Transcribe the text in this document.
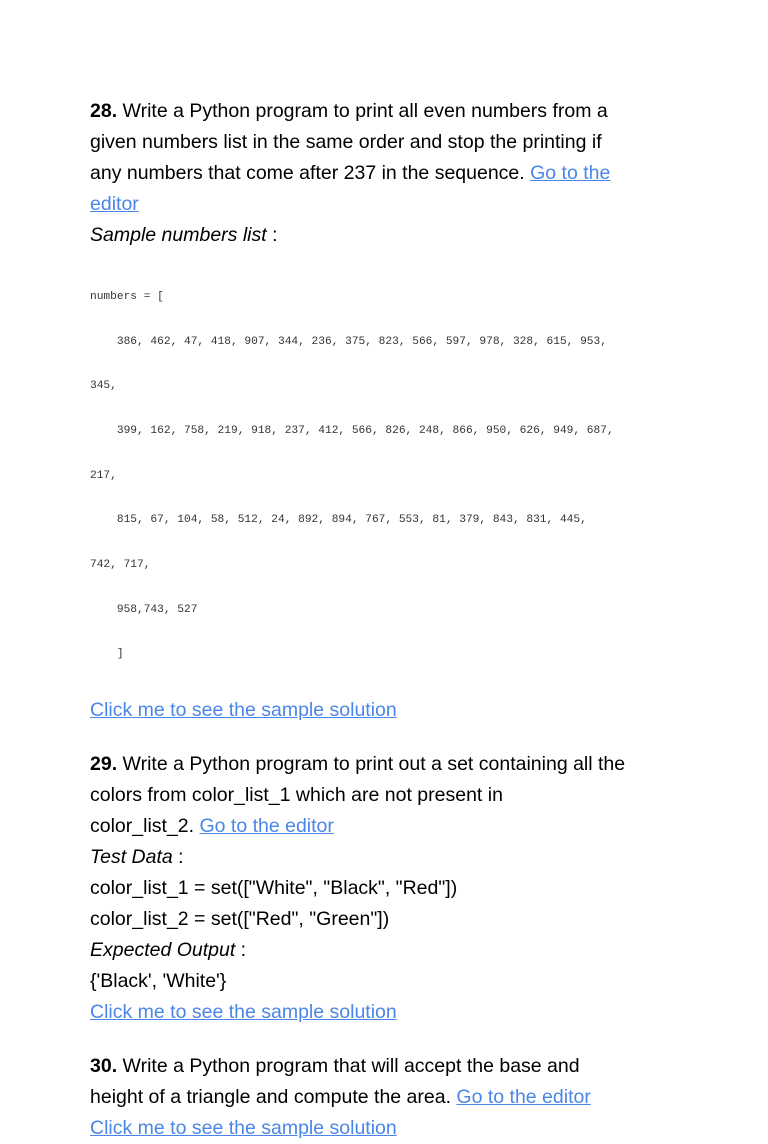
28. Write a Python program to print all even numbers from a
given numbers list in the same order and stop the printing if
any numbers that come after 237 in the sequence. Go to the
editor
Sample numbers list :

numbers = [

386, 462, 47, 418, 907, 344, 236, 375, 823, 566, 597, 978, 328, 615, 953,

345,

399, 162, 758, 219, 918, 237, 412, 566, 826, 248, 866, 950, 626, 949, 687,

217,

815, 67, 104, 58, 512, 24, 892, 894, 767, 553, 81, 379, 843, 831, 445,

742, 717,

958,743, 527

]

Click me to see the sample solution
29. Write a Python program to print out a set containing all the
colors from color_list_1 which are not present in
color_list_2. Go to the editor
Test Data :
color_list_1 = set(["White", "Black", "Red"])
color_list_2 = set(["Red", "Green"])
Expected Output :
{'Black', 'White'}
Click me to see the sample solution
30. Write a Python program that will accept the base and
height of a triangle and compute the area. Go to the editor
Click me to see the sample solution
